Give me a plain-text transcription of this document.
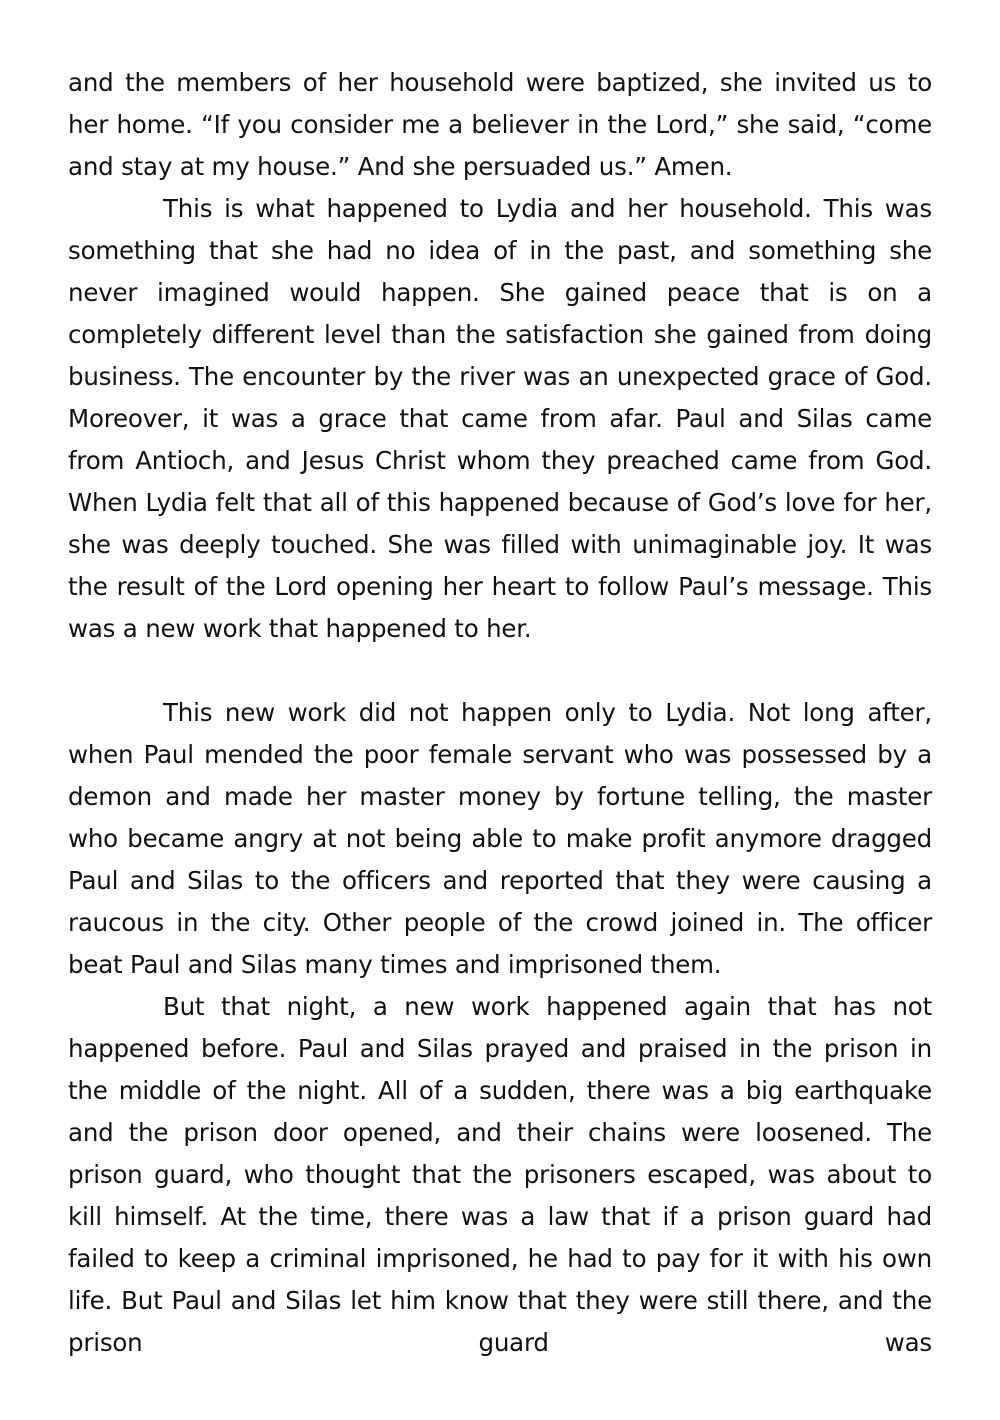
and the members of her household were baptized, she invited us to her home. “If you consider me a believer in the Lord,” she said, “come and stay at my house.” And she persuaded us.” Amen.

This is what happened to Lydia and her household. This was something that she had no idea of in the past, and something she never imagined would happen. She gained peace that is on a completely different level than the satisfaction she gained from doing business. The encounter by the river was an unexpected grace of God. Moreover, it was a grace that came from afar. Paul and Silas came from Antioch, and Jesus Christ whom they preached came from God. When Lydia felt that all of this happened because of God’s love for her, she was deeply touched. She was filled with unimaginable joy. It was the result of the Lord opening her heart to follow Paul’s message. This was a new work that happened to her.

This new work did not happen only to Lydia. Not long after, when Paul mended the poor female servant who was possessed by a demon and made her master money by fortune telling, the master who became angry at not being able to make profit anymore dragged Paul and Silas to the officers and reported that they were causing a raucous in the city. Other people of the crowd joined in. The officer beat Paul and Silas many times and imprisoned them.

But that night, a new work happened again that has not happened before. Paul and Silas prayed and praised in the prison in the middle of the night. All of a sudden, there was a big earthquake and the prison door opened, and their chains were loosened. The prison guard, who thought that the prisoners escaped, was about to kill himself. At the time, there was a law that if a prison guard had failed to keep a criminal imprisoned, he had to pay for it with his own life. But Paul and Silas let him know that they were still there, and the prison guard was
